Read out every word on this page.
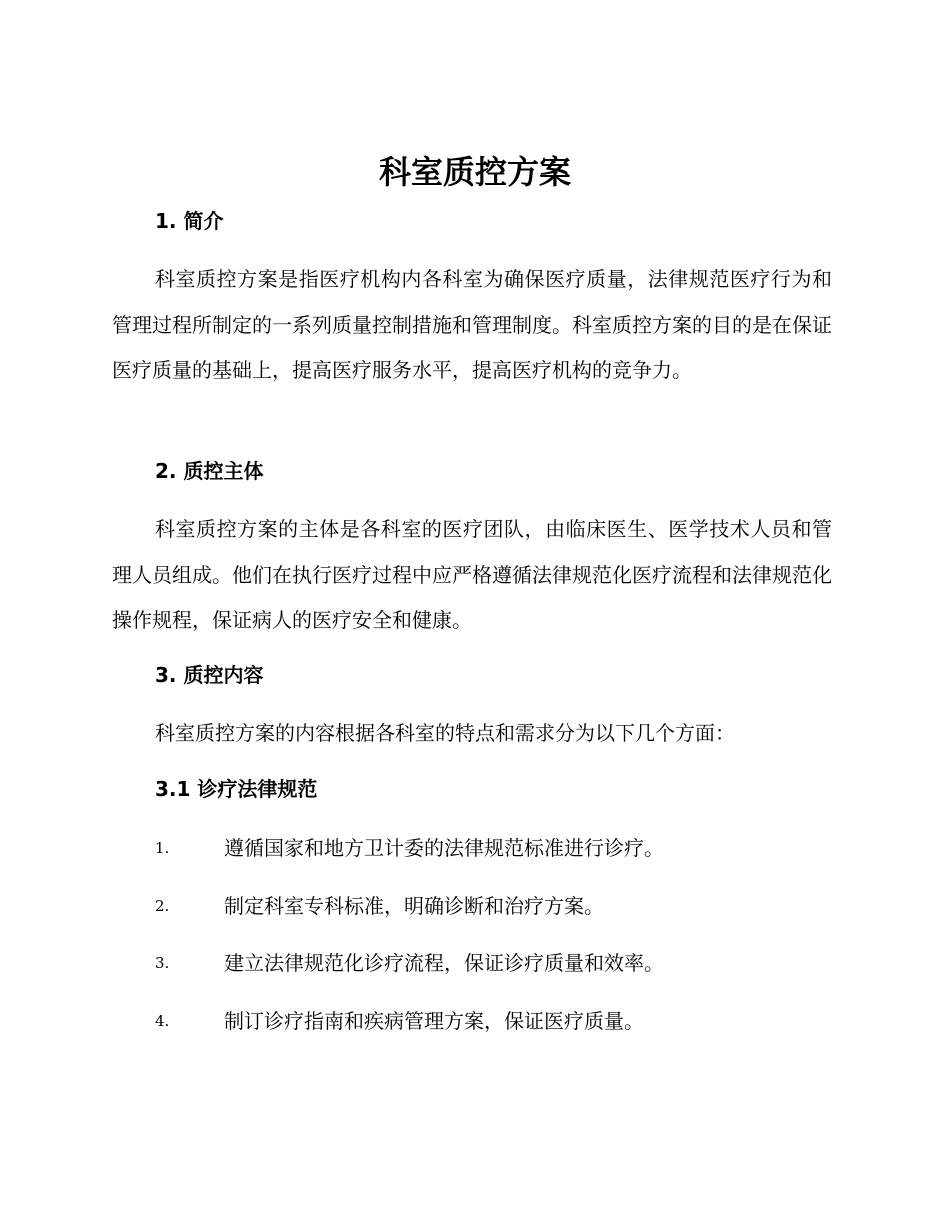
科室质控方案
1. 简介

科室质控方案是指医疗机构内各科室为确保医疗质量，法律规范医疗行为和管理过程所制定的一系列质量控制措施和管理制度。科室质控方案的目的是在保证医疗质量的基础上，提高医疗服务水平，提高医疗机构的竞争力。

2. 质控主体

科室质控方案的主体是各科室的医疗团队，由临床医生、医学技术人员和管理人员组成。他们在执行医疗过程中应严格遵循法律规范化医疗流程和法律规范化操作规程，保证病人的医疗安全和健康。

3. 质控内容

科室质控方案的内容根据各科室的特点和需求分为以下几个方面：

3.1 诊疗法律规范
1.	遵循国家和地方卫计委的法律规范标准进行诊疗。
2.	制定科室专科标准，明确诊断和治疗方案。
3.	建立法律规范化诊疗流程，保证诊疗质量和效率。
4.	制订诊疗指南和疾病管理方案，保证医疗质量。
